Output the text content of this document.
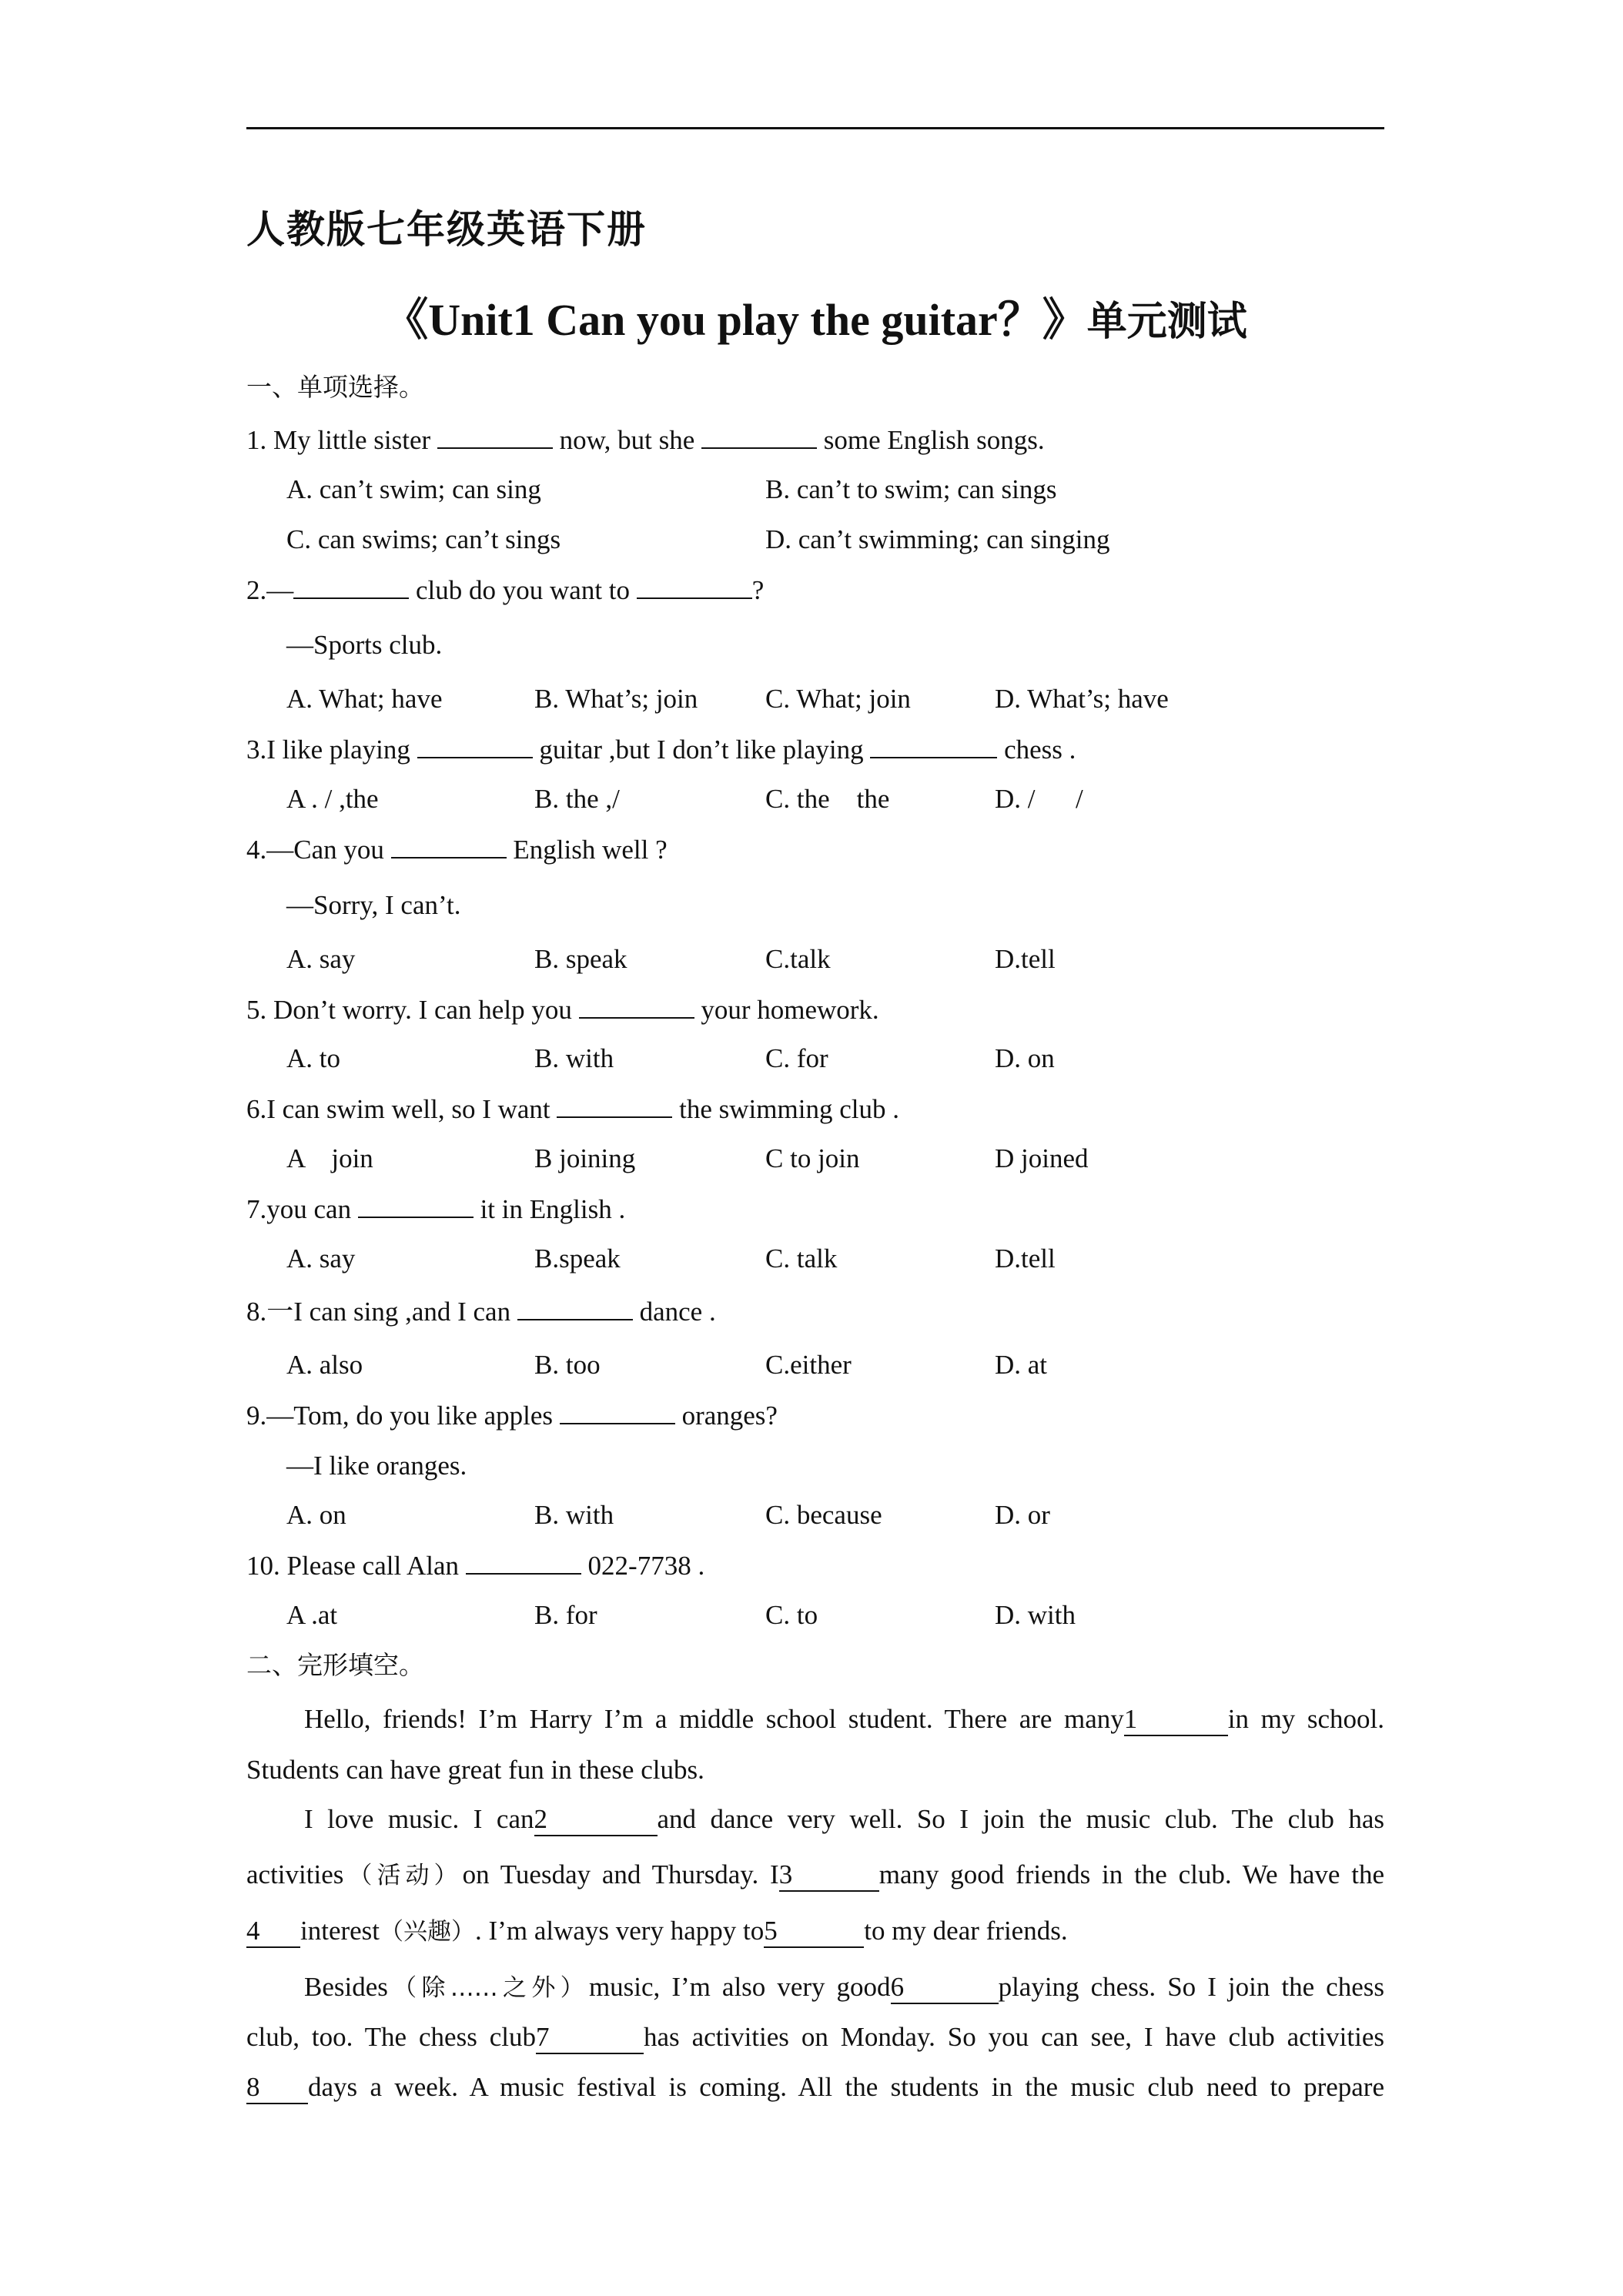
人教版七年级英语下册
《Unit1 Can you play the guitar？》单元测试
一、单项选择。
1. My little sister	now, but she	some English songs.
A. can’t swim; can sing	B. can’t to swim; can sings
C. can swims; can’t sings	D. can’t swimming; can singing
2.—	club do you want to	?
—Sports club.
A. What; have	B. What’s; join	C. What; join	D. What’s; have
3.I like playing	guitar ,but I don’t like playing	chess .
A . / ,the	B. the ,/	C. the    the	D. /      /
4.—Can you	English well ?
—Sorry, I can’t.
A. say	B. speak	C.talk	D.tell
5. Don’t worry. I can help you	your homework.
A. to	B. with	C. for	D. on
6.I can swim well, so I want	the swimming club .
A    join	B joining	C to join	D joined
7.you can	it in English .
A. say	B.speak	C. talk	D.tell
8.一I can sing ,and I can	dance .
A. also	B. too	C.either	D. at
9.—Tom, do you like apples	oranges?
—I like oranges.
A. on	B. with	C. because	D. or
10. Please call Alan	022-7738 .
A .at	B. for	C. to	D. with
二、完形填空。
Hello, friends! I’m Harry I’m a middle school student. There are many1	in my school.
Students can have great fun in these clubs.
I love music. I can2	and dance very well. So I join the music club. The club has
activities（活动）on Tuesday and Thursday. I3	many good friends in the club. We have the
4 interest（兴趣）. I’m always very happy to5	to my dear friends.
Besides（除……之外）music, I’m also very good6	playing chess. So I join the chess
club, too. The chess club7	has activities on Monday. So you can see, I have club activities
8 days a week. A music festival is coming. All the students in the music club need to prepare
